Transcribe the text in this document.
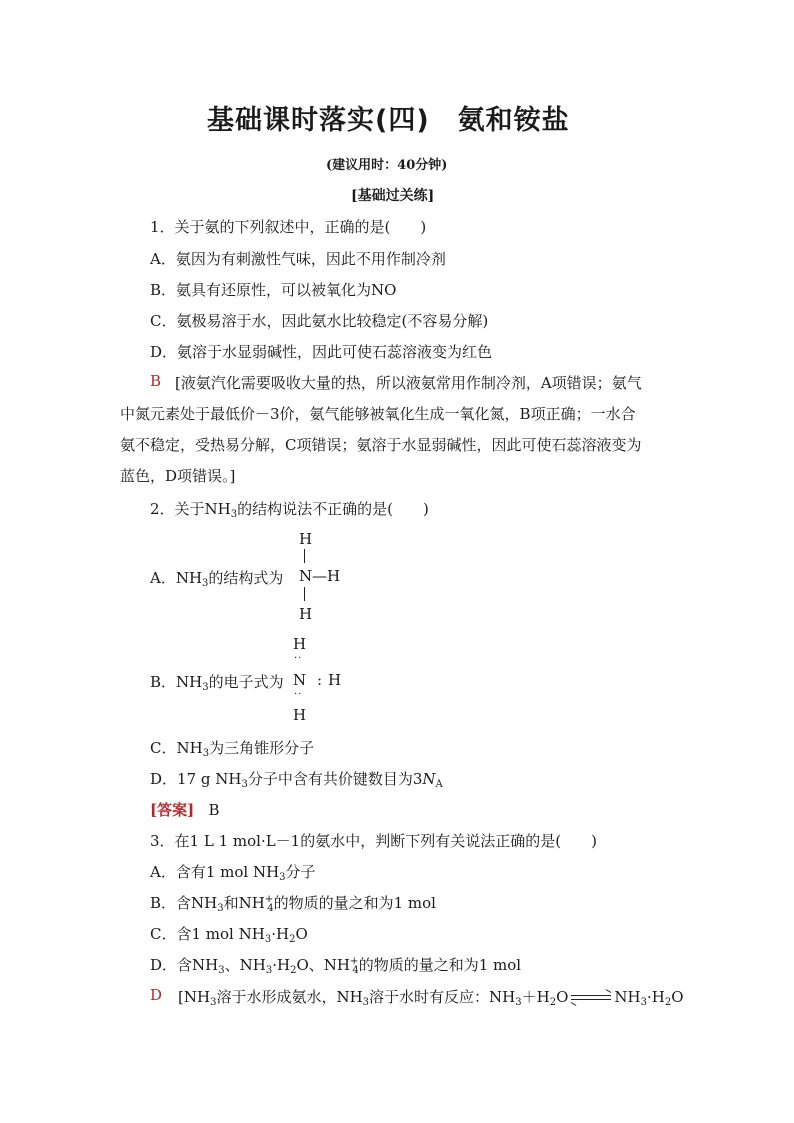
基础课时落实(四)　氨和铵盐
(建议用时：40分钟)
[基础过关练]
1．关于氨的下列叙述中，正确的是(　　)
A．氨因为有刺激性气味，因此不用作制冷剂
B．氨具有还原性，可以被氧化为NO
C．氨极易溶于水，因此氨水比较稳定(不容易分解)
D．氨溶于水显弱碱性，因此可使石蕊溶液变为红色
B [液氨汽化需要吸收大量的热，所以液氨常用作制冷剂，A项错误；氨气
中氮元素处于最低价－3价，氨气能够被氧化生成一氧化氮，B项正确；一水合
氨不稳定，受热易分解，C项错误；氨溶于水显弱碱性，因此可使石蕊溶液变为
蓝色，D项错误。]
2．关于$NH_3$的结构说法不正确的是(　　)
A．$NH_3$的结构式为
H
N —H
H
B．$NH_3$的电子式为
H
··
N : H
··
H
C．$NH_3$为三角锥形分子
D．17 g $NH_3$分子中含有共价键数目为$3N_A$
[答案] B
3．在1 L 1 mol·L－1的氨水中，判断下列有关说法正确的是(　　)
A．含有1 mol $NH_3$分子
B．含$NH_3$和$NH^+_4$的物质的量之和为1 mol
C．含1 mol $NH_3\cdot H_2O$
D．含$NH_3$、$NH_3\cdot H_2O$、$NH^+_4$的物质的量之和为1 mol
D [$NH_3$溶于水形成氨水，$NH_3$溶于水时有反应：$NH_3+H_2O$ ⇌ $NH_3\cdot H_2O$
